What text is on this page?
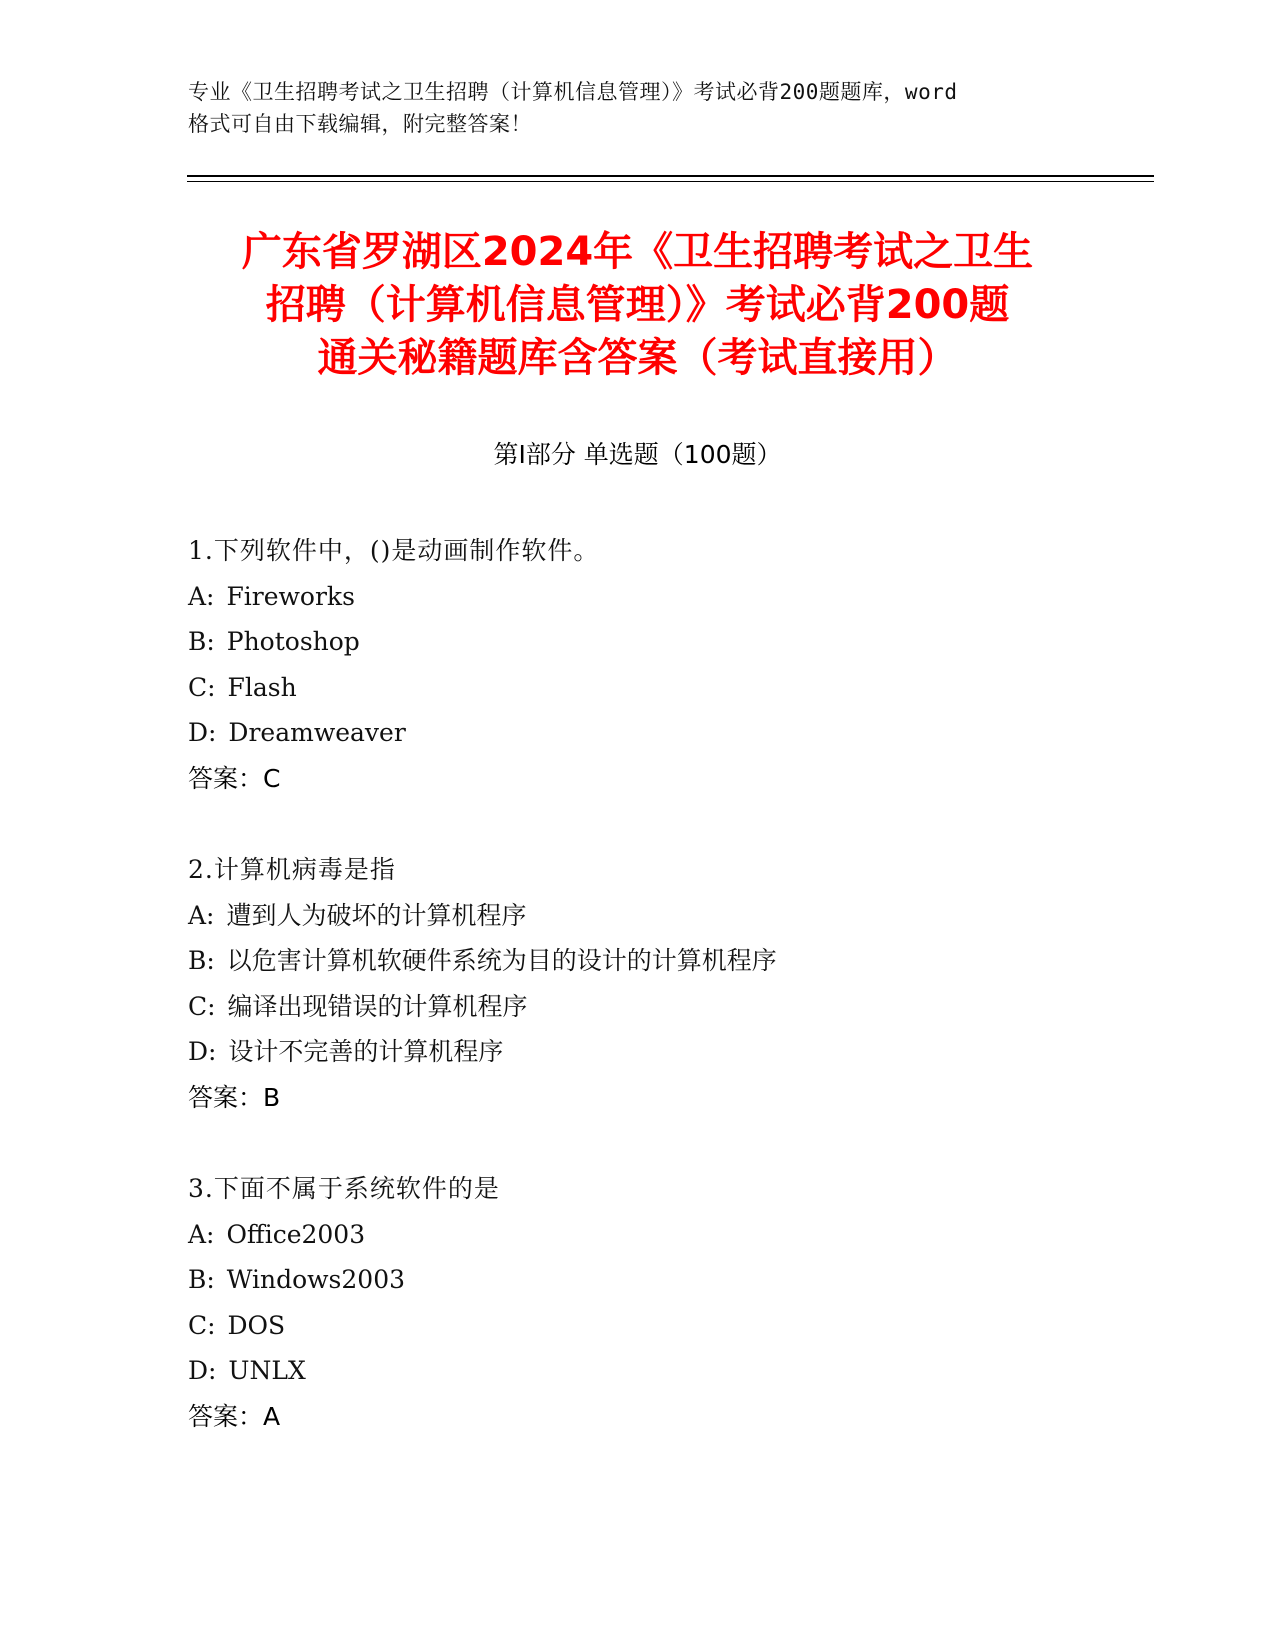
专业《卫生招聘考试之卫生招聘（计算机信息管理）》考试必背200题题库，word
格式可自由下载编辑，附完整答案！
广东省罗湖区2024年《卫生招聘考试之卫生
招聘（计算机信息管理）》考试必背200题
通关秘籍题库含答案（考试直接用）
第Ⅰ部分 单选题（100题）
1.下列软件中，()是动画制作软件。
A: Fireworks
B: Photoshop
C: Flash
D: Dreamweaver
答案：C
2.计算机病毒是指
A: 遭到人为破坏的计算机程序
B: 以危害计算机软硬件系统为目的设计的计算机程序
C: 编译出现错误的计算机程序
D: 设计不完善的计算机程序
答案：B
3.下面不属于系统软件的是
A: Office2003
B: Windows2003
C: DOS
D: UNLX
答案：A
